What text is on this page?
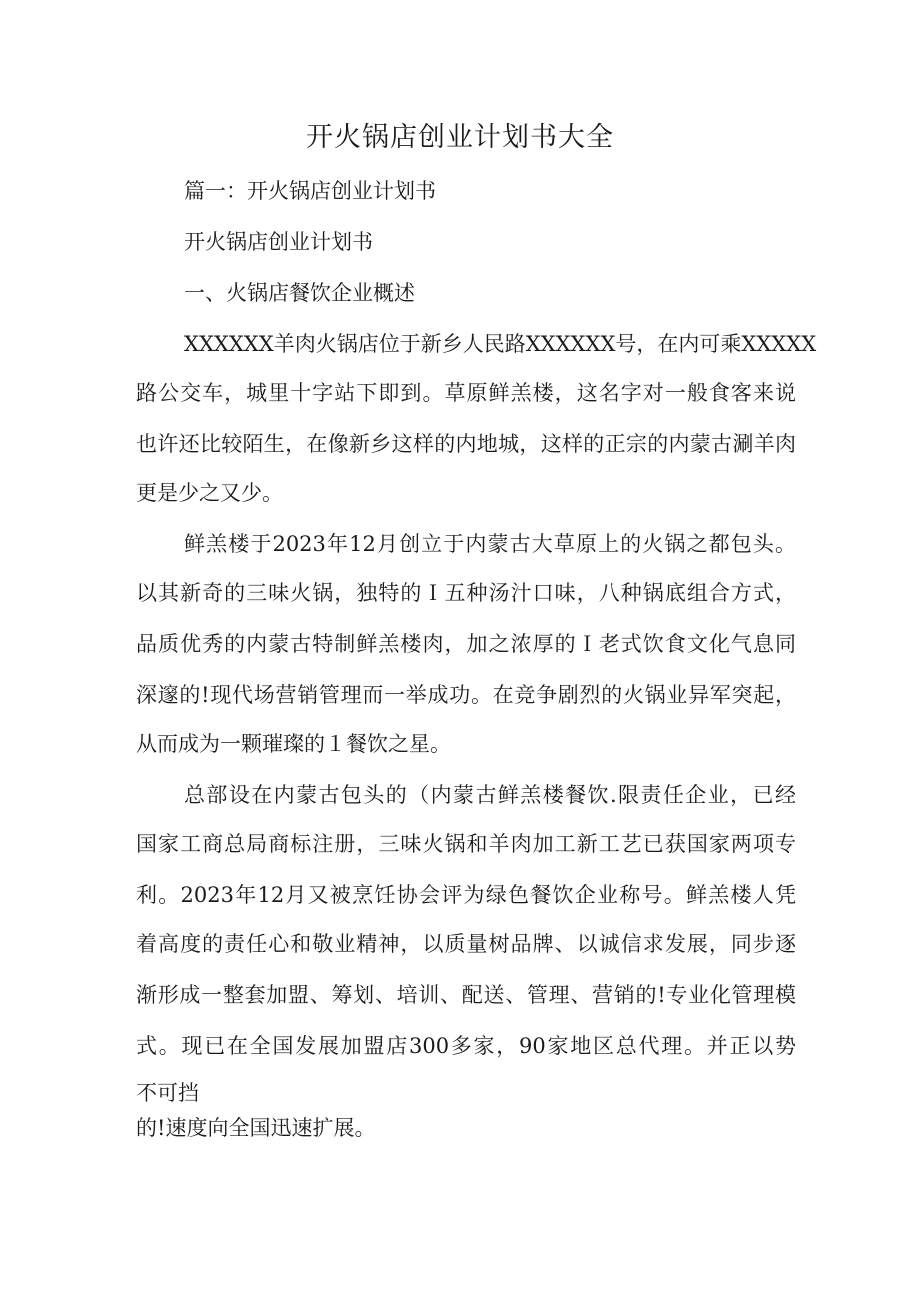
开火锅店创业计划书大全
篇一：开火锅店创业计划书
开火锅店创业计划书
一、火锅店餐饮企业概述
XXXXXX羊肉火锅店位于新乡人民路XXXXXX号，在内可乘XXXXX
路公交车，城里十字站下即到。草原鲜羔楼，这名字对一般食客来说
也许还比较陌生，在像新乡这样的内地城，这样的正宗的内蒙古涮羊肉
更是少之又少。
鲜羔楼于2023年12月创立于内蒙古大草原上的火锅之都包头。
以其新奇的三味火锅，独特的Ｉ五种汤汁口味，八种锅底组合方式，
品质优秀的内蒙古特制鲜羔楼肉，加之浓厚的Ｉ老式饮食文化气息同
深邃的!现代场营销管理而一举成功。在竞争剧烈的火锅业异军突起，
从而成为一颗璀璨的１餐饮之星。
总部设在内蒙古包头的（内蒙古鲜羔楼餐饮.限责任企业，已经
国家工商总局商标注册，三味火锅和羊肉加工新工艺已获国家两项专
利。2023年12月又被烹饪协会评为绿色餐饮企业称号。鲜羔楼人凭
着高度的责任心和敬业精神，以质量树品牌、以诚信求发展，同步逐
渐形成一整套加盟、筹划、培训、配送、管理、营销的!专业化管理模
式。现已在全国发展加盟店300多家，90家地区总代理。并正以势
不可挡
的!速度向全国迅速扩展。
